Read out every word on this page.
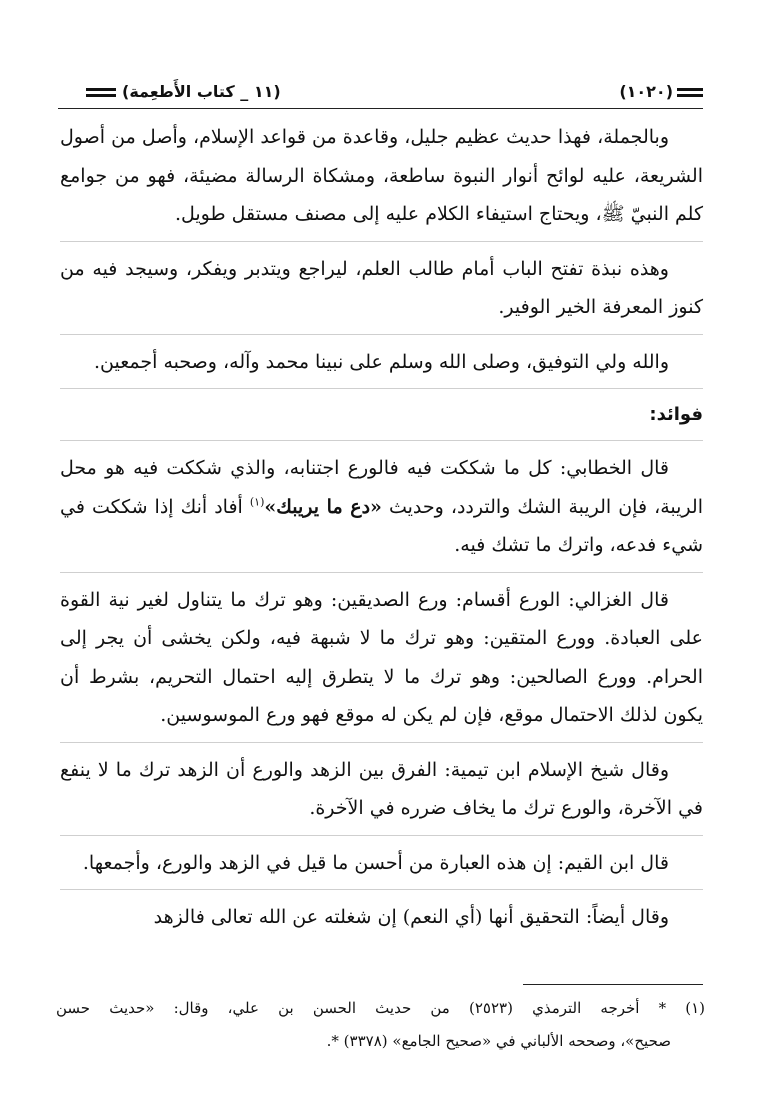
(١٠٢٠)
(١١ _ كتاب الأَطعِمة)

وبالجملة، فهذا حديث عظيم جليل، وقاعدة من قواعد الإسلام، وأصل من أصول الشريعة، عليه لوائح أنوار النبوة ساطعة، ومشكاة الرسالة مضيئة، فهو من جوامع كلم النبيّ ﷺ، ويحتاج استيفاء الكلام عليه إلى مصنف مستقل طويل.

وهذه نبذة تفتح الباب أمام طالب العلم، ليراجع ويتدبر ويفكر، وسيجد فيه من كنوز المعرفة الخير الوفير.

والله ولي التوفيق، وصلى الله وسلم على نبينا محمد وآله، وصحبه أجمعين.

فوائد:

قال الخطابي: كل ما شككت فيه فالورع اجتنابه، والذي شككت فيه هو محل الريبة، فإن الريبة الشك والتردد، وحديث «دع ما يريبك»$^{(١)}$ أفاد أنك إذا شككت في شيء فدعه، واترك ما تشك فيه.

قال الغزالي: الورع أقسام: ورع الصديقين: وهو ترك ما يتناول لغير نية القوة على العبادة. وورع المتقين: وهو ترك ما لا شبهة فيه، ولكن يخشى أن يجر إلى الحرام. وورع الصالحين: وهو ترك ما لا يتطرق إليه احتمال التحريم، بشرط أن يكون لذلك الاحتمال موقع، فإن لم يكن له موقع فهو ورع الموسوسين.

وقال شيخ الإسلام ابن تيمية: الفرق بين الزهد والورع أن الزهد ترك ما لا ينفع في الآخرة، والورع ترك ما يخاف ضرره في الآخرة.

قال ابن القيم: إن هذه العبارة من أحسن ما قيل في الزهد والورع، وأجمعها.

وقال أيضاً: التحقيق أنها (أي النعم) إن شغلته عن الله تعالى فالزهد

(١) * أخرجه الترمذي (٢٥٢٣) من حديث الحسن بن علي، وقال: «حديث حسن
صحيح»، وصححه الألباني في «صحيح الجامع» (٣٣٧٨) *.
